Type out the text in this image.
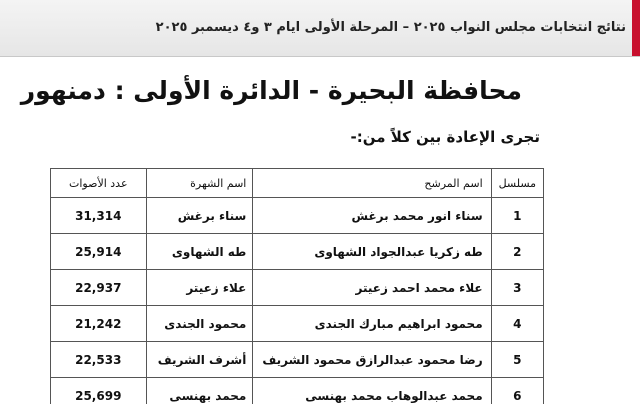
نتائج انتخابات مجلس النواب ٢٠٢٥ – المرحلة الأولى ايام ٣ و٤ ديسمبر ٢٠٢٥
محافظة البحيرة - الدائرة الأولى : دمنهور
تجرى الإعادة بين كلاً من:-
مسلسل	اسم المرشح	اسم الشهرة	عدد الأصوات
1	سناء انور محمد برغش	سناء برغش	31,314
2	طه زكريا عبدالجواد الشهاوى	طه الشهاوى	25,914
3	علاء محمد احمد زعيتر	علاء زعيتر	22,937
4	محمود ابراهيم مبارك الجندى	محمود الجندى	21,242
5	رضا محمود عبدالرازق محمود الشريف	أشرف الشريف	22,533
6	محمد عبدالوهاب محمد بهنسى	محمد بهنسى	25,699
